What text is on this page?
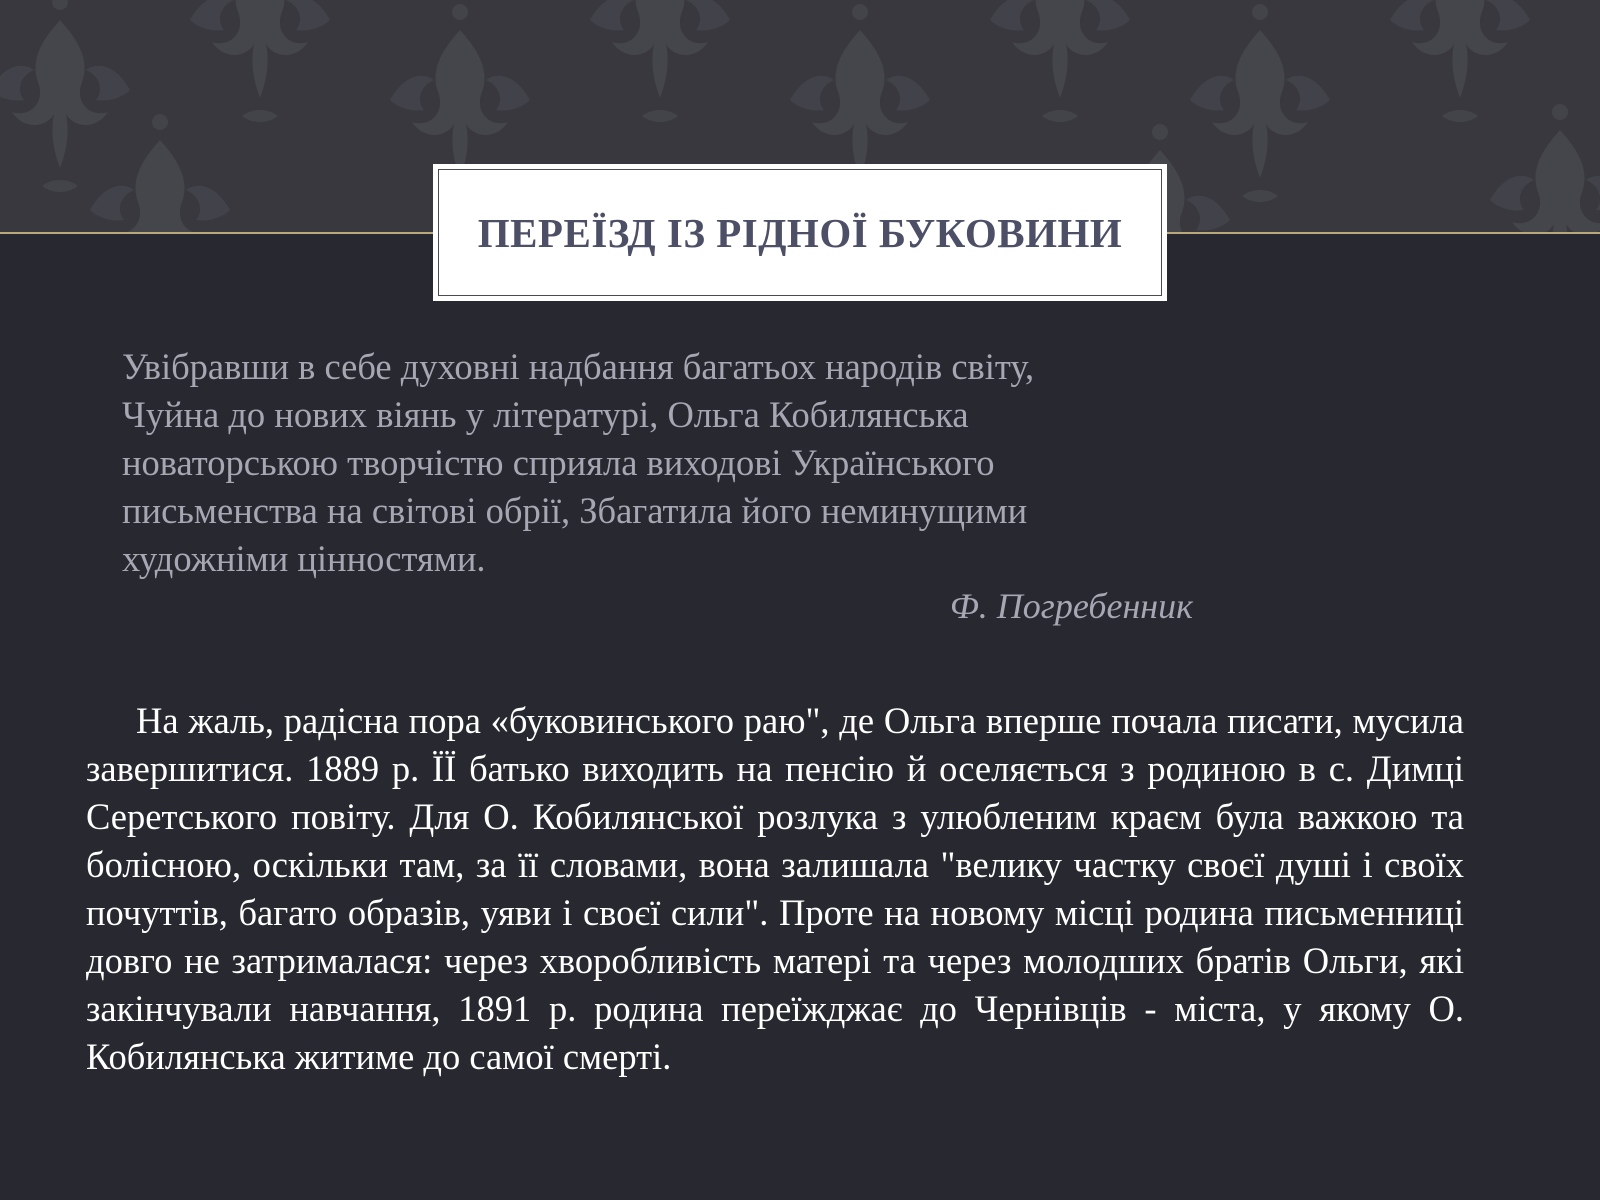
ПЕРЕЇЗД ІЗ РІДНОЇ БУКОВИНИ
Увібравши в себе духовні надбання багатьох народів світу,
Чуйна до нових віянь у літературі, Ольга Кобилянська
новаторською творчістю сприяла виходові Українського
письменства на світові обрії, Збагатила його неминущими
художніми цінностями.
Ф. Погребенник

На жаль, радісна пора «буковинського раю", де Ольга вперше почала писати, мусила завершитися. 1889 р. ЇЇ батько виходить на пенсію й оселяється з родиною в с. Димці Серетського повіту. Для О. Кобилянської розлука з улюбленим краєм була важкою та болісною, оскільки там, за її словами, вона залишала "велику частку своєї душі і своїх почуттів, багато образів, уяви і своєї сили". Проте на новому місці родина письменниці довго не затрималася: через хворобливість матері та через молодших братів Ольги, які закінчували навчання, 1891 р. родина переїжджає до Чернівців - міста, у якому О. Кобилянська житиме до самої смерті.
